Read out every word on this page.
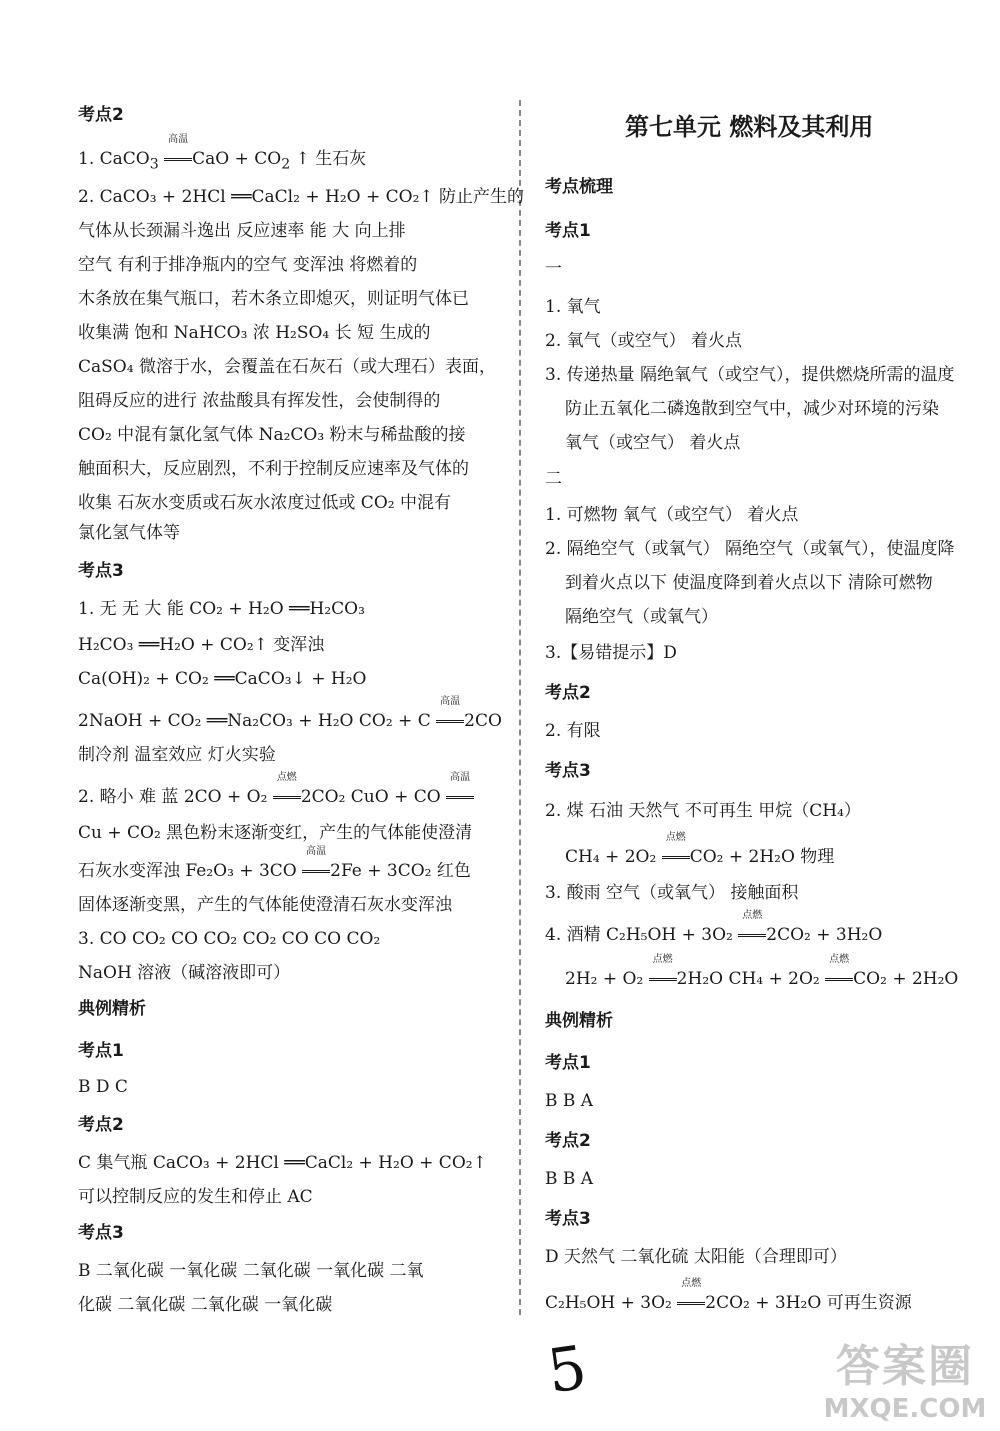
考点2
1. CaCO$_3$
高温
CaO + $CO_2$ ↑ 生石灰
2. CaCO₃ + 2HCl ══CaCl₂ + H₂O + CO₂↑ 防止产生的
气体从长颈漏斗逸出 反应速率 能 大 向上排
空气 有利于排净瓶内的空气 变浑浊 将燃着的
木条放在集气瓶口，若木条立即熄灭，则证明气体已
收集满 饱和 NaHCO₃ 浓 H₂SO₄ 长 短 生成的
CaSO₄ 微溶于水，会覆盖在石灰石（或大理石）表面，
阻碍反应的进行 浓盐酸具有挥发性，会使制得的
CO₂ 中混有氯化氢气体 Na₂CO₃ 粉末与稀盐酸的接
触面积大，反应剧烈，不利于控制反应速率及气体的
收集 石灰水变质或石灰水浓度过低或 CO₂ 中混有
氯化氢气体等
考点3
1. 无 无 大 能 CO₂ + H₂O ══H₂CO₃
H₂CO₃ ══H₂O + CO₂↑ 变浑浊
Ca(OH)₂ + CO₂ ══CaCO₃↓ + H₂O
2NaOH + CO₂ ══Na₂CO₃ + H₂O CO₂ + C
高温
2CO
制冷剂 温室效应 灯火实验
2. 略小 难 蓝 2CO + O₂
点燃
2CO₂ CuO + CO
高温
Cu + CO₂ 黑色粉末逐渐变红，产生的气体能使澄清
石灰水变浑浊 Fe₂O₃ + 3CO
高温
2Fe + 3CO₂ 红色
固体逐渐变黑，产生的气体能使澄清石灰水变浑浊
3. CO CO₂ CO CO₂ CO₂ CO CO CO₂
NaOH 溶液（碱溶液即可）
典例精析
考点1
B D C
考点2
C 集气瓶 CaCO₃ + 2HCl ══CaCl₂ + H₂O + CO₂↑
可以控制反应的发生和停止 AC
考点3
B 二氧化碳 一氧化碳 二氧化碳 一氧化碳 二氧
化碳 二氧化碳 二氧化碳 一氧化碳
第七单元 燃料及其利用
考点梳理
考点1
一
1. 氧气
2. 氧气（或空气） 着火点
3. 传递热量 隔绝氧气（或空气），提供燃烧所需的温度
防止五氧化二磷逸散到空气中，减少对环境的污染
氧气（或空气） 着火点
二
1. 可燃物 氧气（或空气） 着火点
2. 隔绝空气（或氧气） 隔绝空气（或氧气），使温度降
到着火点以下 使温度降到着火点以下 清除可燃物
隔绝空气（或氧气）
3.【易错提示】D
考点2
2. 有限
考点3
2. 煤 石油 天然气 不可再生 甲烷（CH₄）
CH₄ + 2O₂
点燃
CO₂ + 2H₂O 物理
3. 酸雨 空气（或氧气） 接触面积
4. 酒精 C₂H₅OH + 3O₂
点燃
2CO₂ + 3H₂O
2H₂ + O₂
点燃
2H₂O CH₄ + 2O₂
点燃
CO₂ + 2H₂O
典例精析
考点1
B B A
考点2
B B A
考点3
D 天然气 二氧化硫 太阳能（合理即可）
C₂H₅OH + 3O₂
点燃
2CO₂ + 3H₂O 可再生资源
5	答案圈
MXQE.COM
